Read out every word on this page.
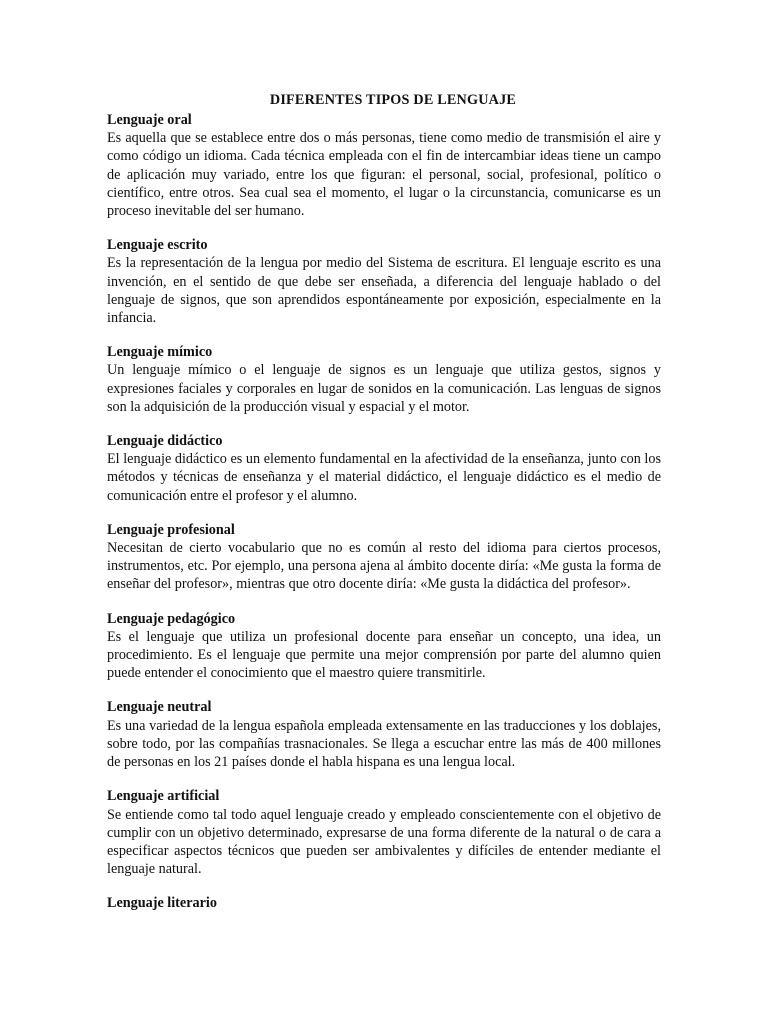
DIFERENTES TIPOS DE LENGUAJE
Lenguaje oral

Es aquella que se establece entre dos o más personas, tiene como medio de transmisión el aire y como código un idioma. Cada técnica empleada con el fin de intercambiar ideas tiene un campo de aplicación muy variado, entre los que figuran: el personal, social, profesional, político o científico, entre otros. Sea cual sea el momento, el lugar o la circunstancia, comunicarse es un proceso inevitable del ser humano.

Lenguaje escrito

Es la representación de la lengua por medio del Sistema de escritura. El lenguaje escrito es una invención, en el sentido de que debe ser enseñada, a diferencia del lenguaje hablado o del lenguaje de signos, que son aprendidos espontáneamente por exposición, especialmente en la infancia.

Lenguaje mímico

Un lenguaje mímico o el lenguaje de signos es un lenguaje que utiliza gestos, signos y expresiones faciales y corporales en lugar de sonidos en la comunicación. Las lenguas de signos son la adquisición de la producción visual y espacial y el motor.

Lenguaje didáctico

El lenguaje didáctico es un elemento fundamental en la afectividad de la enseñanza, junto con los métodos y técnicas de enseñanza y el material didáctico, el lenguaje didáctico es el medio de comunicación entre el profesor y el alumno.

Lenguaje profesional

Necesitan de cierto vocabulario que no es común al resto del idioma para ciertos procesos, instrumentos, etc. Por ejemplo, una persona ajena al ámbito docente diría: «Me gusta la forma de enseñar del profesor», mientras que otro docente diría: «Me gusta la didáctica del profesor».

Lenguaje pedagógico

Es el lenguaje que utiliza un profesional docente para enseñar un concepto, una idea, un procedimiento. Es el lenguaje que permite una mejor comprensión por parte del alumno quien puede entender el conocimiento que el maestro quiere transmitirle.

Lenguaje neutral

Es una variedad de la lengua española empleada extensamente en las traducciones y los doblajes, sobre todo, por las compañías trasnacionales. Se llega a escuchar entre las más de 400 millones de personas en los 21 países donde el habla hispana es una lengua local.

Lenguaje artificial

Se entiende como tal todo aquel lenguaje creado y empleado conscientemente con el objetivo de cumplir con un objetivo determinado, expresarse de una forma diferente de la natural o de cara a especificar aspectos técnicos que pueden ser ambivalentes y difíciles de entender mediante el lenguaje natural.

Lenguaje literario
